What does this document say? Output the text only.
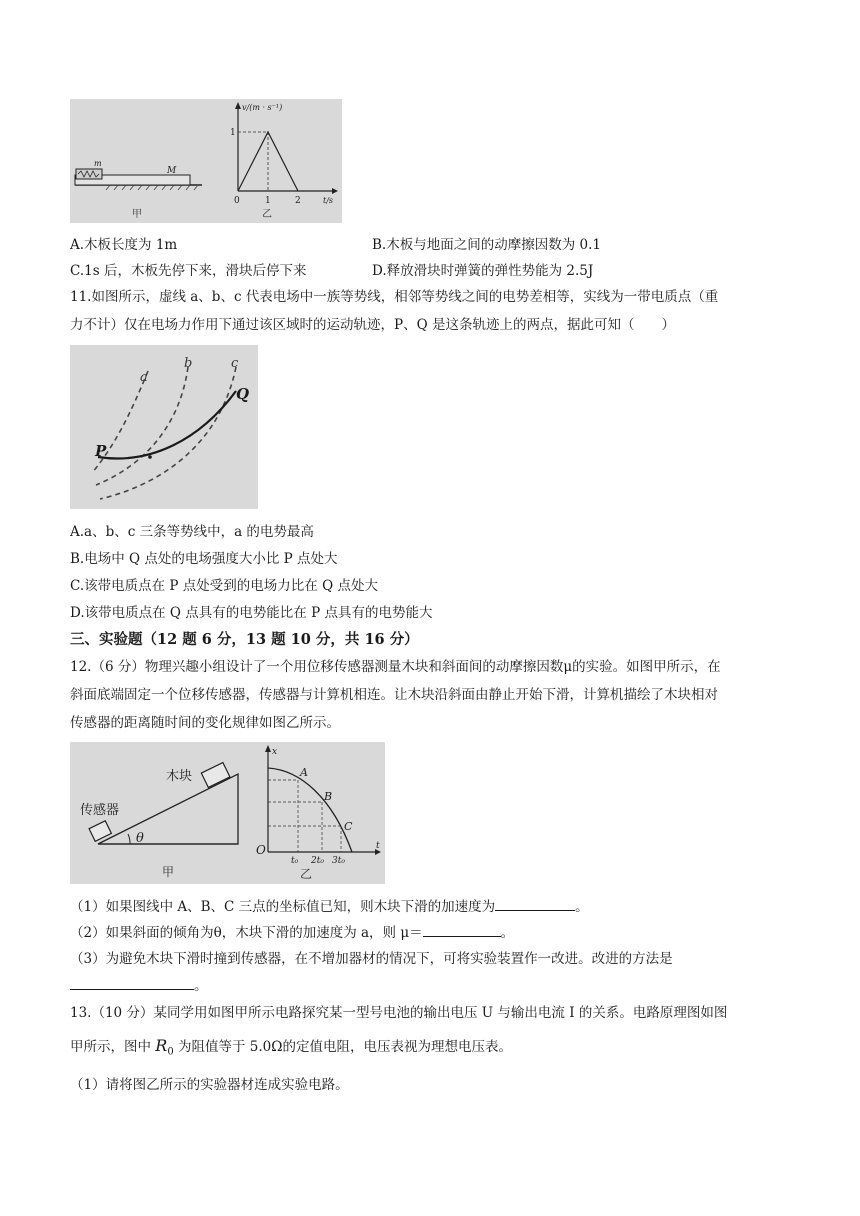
m
M
甲
v/(m · s⁻¹)
t/s
1
0	1	2
乙
A.木板长度为 1m	B.木板与地面之间的动摩擦因数为 0.1
C.1s 后，木板先停下来，滑块后停下来	D.释放滑块时弹簧的弹性势能为 2.5J
11.如图所示，虚线 a、b、c 代表电场中一族等势线，相邻等势线之间的电势差相等，实线为一带电质点（重
力不计）仅在电场力作用下通过该区域时的运动轨迹，P、Q 是这条轨迹上的两点，据此可知（　　）
a
b	c
P
Q
A.a、b、c 三条等势线中，a 的电势最高
B.电场中 Q 点处的电场强度大小比 P 点处大
C.该带电质点在 P 点处受到的电场力比在 Q 点处大
D.该带电质点在 Q 点具有的电势能比在 P 点具有的电势能大
三、实验题（12 题 6 分，13 题 10 分，共 16 分）
12.（6 分）物理兴趣小组设计了一个用位移传感器测量木块和斜面间的动摩擦因数μ的实验。如图甲所示，在
斜面底端固定一个位移传感器，传感器与计算机相连。让木块沿斜面由静止开始下滑，计算机描绘了木块相对
传感器的距离随时间的变化规律如图乙所示。
θ
传感器
木块
甲
x
A
B
C
O	t
t₀ 2t₀ 3t₀
乙
（1）如果图线中 A、B、C 三点的坐标值已知，则木块下滑的加速度为	。
（2）如果斜面的倾角为θ，木块下滑的加速度为 a，则 μ＝	。
（3）为避免木块下滑时撞到传感器，在不增加器材的情况下，可将实验装置作一改进。改进的方法是
。
13.（10 分）某同学用如图甲所示电路探究某一型号电池的输出电压 U 与输出电流 I 的关系。电路原理图如图
甲所示，图中 $R_0$ 为阻值等于 5.0Ω的定值电阻，电压表视为理想电压表。
（1）请将图乙所示的实验器材连成实验电路。
